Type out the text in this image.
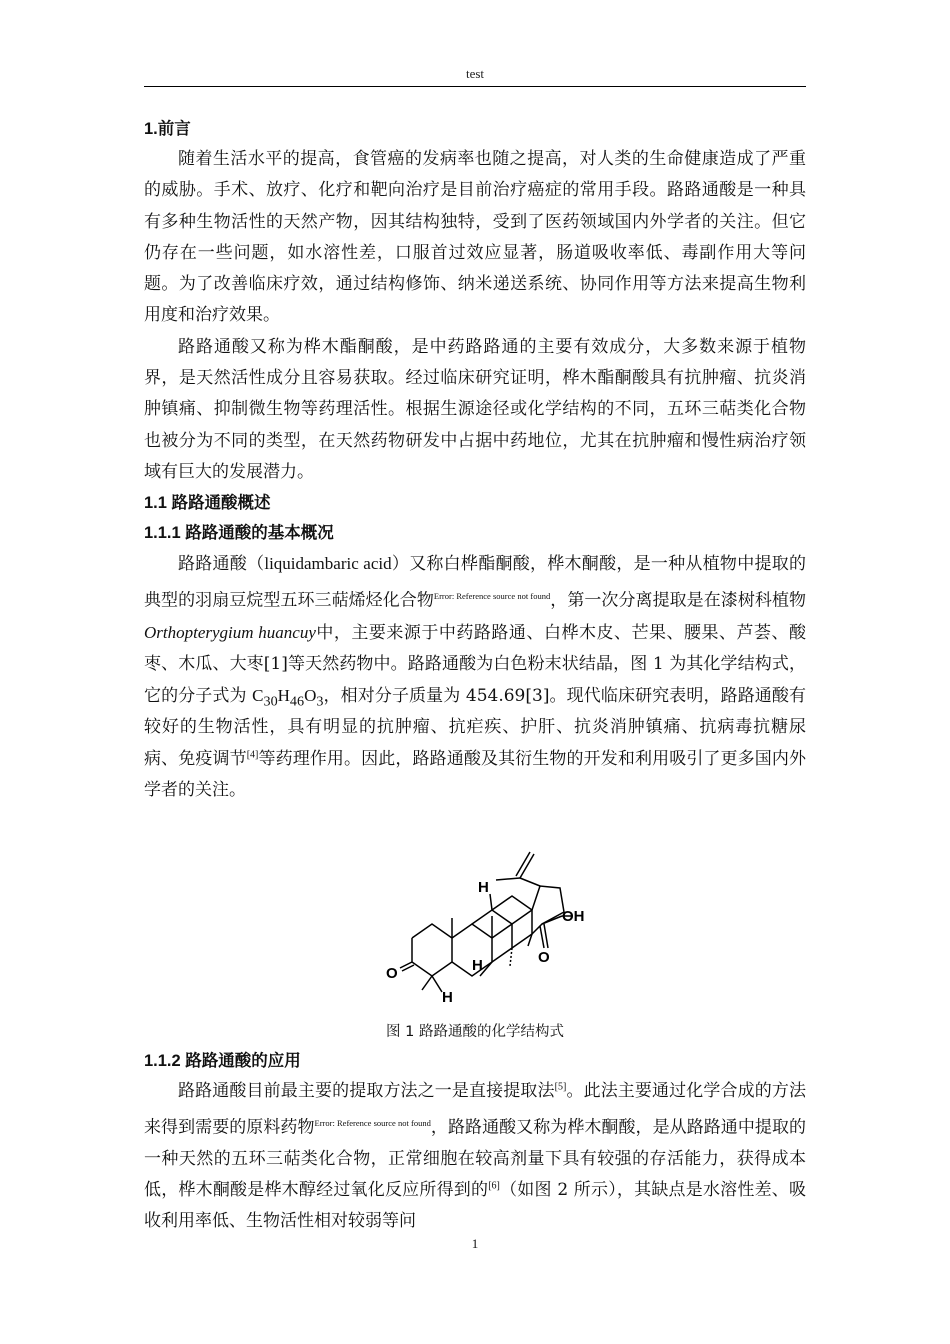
test
1.前言

随着生活水平的提高，食管癌的发病率也随之提高，对人类的生命健康造成了严重的威胁。手术、放疗、化疗和靶向治疗是目前治疗癌症的常用手段。路路通酸是一种具有多种生物活性的天然产物，因其结构独特，受到了医药领域国内外学者的关注。但它仍存在一些问题，如水溶性差，口服首过效应显著，肠道吸收率低、毒副作用大等问题。为了改善临床疗效，通过结构修饰、纳米递送系统、协同作用等方法来提高生物利用度和治疗效果。

路路通酸又称为桦木酯酮酸，是中药路路通的主要有效成分，大多数来源于植物界，是天然活性成分且容易获取。经过临床研究证明，桦木酯酮酸具有抗肿瘤、抗炎消肿镇痛、抑制微生物等药理活性。根据生源途径或化学结构的不同，五环三萜类化合物也被分为不同的类型，在天然药物研发中占据中药地位，尤其在抗肿瘤和慢性病治疗领域有巨大的发展潜力。

1.1 路路通酸概述
1.1.1 路路通酸的基本概况

路路通酸（liquidambaric acid）又称白桦酯酮酸，桦木酮酸，是一种从植物中提取的典型的羽扇豆烷型五环三萜烯烃化合物$^{Error: Reference source not found}$，第一次分离提取是在漆树科植物 Orthopterygium huancuy中，主要来源于中药路路通、白桦木皮、芒果、腰果、芦荟、酸枣、木瓜、大枣[1]等天然药物中。路路通酸为白色粉末状结晶，图 1 为其化学结构式，它的分子式为 $C_{30}H_{46}O_3$，相对分子质量为 454.69[3]。现代临床研究表明，路路通酸有较好的生物活性，具有明显的抗肿瘤、抗疟疾、护肝、抗炎消肿镇痛、抗病毒抗糖尿病、免疫调节[4]等药理作用。因此，路路通酸及其衍生物的开发和利用吸引了更多国内外学者的关注。

OH
O
O
H
H
H
图 1 路路通酸的化学结构式
1.1.2 路路通酸的应用

路路通酸目前最主要的提取方法之一是直接提取法[5]。此法主要通过化学合成的方法来得到需要的原料药物$^{Error: Reference source not found}$，路路通酸又称为桦木酮酸，是从路路通中提取的一种天然的五环三萜类化合物，正常细胞在较高剂量下具有较强的存活能力，获得成本低，桦木酮酸是桦木醇经过氧化反应所得到的[6]（如图 2 所示），其缺点是水溶性差、吸收利用率低、生物活性相对较弱等问

1
